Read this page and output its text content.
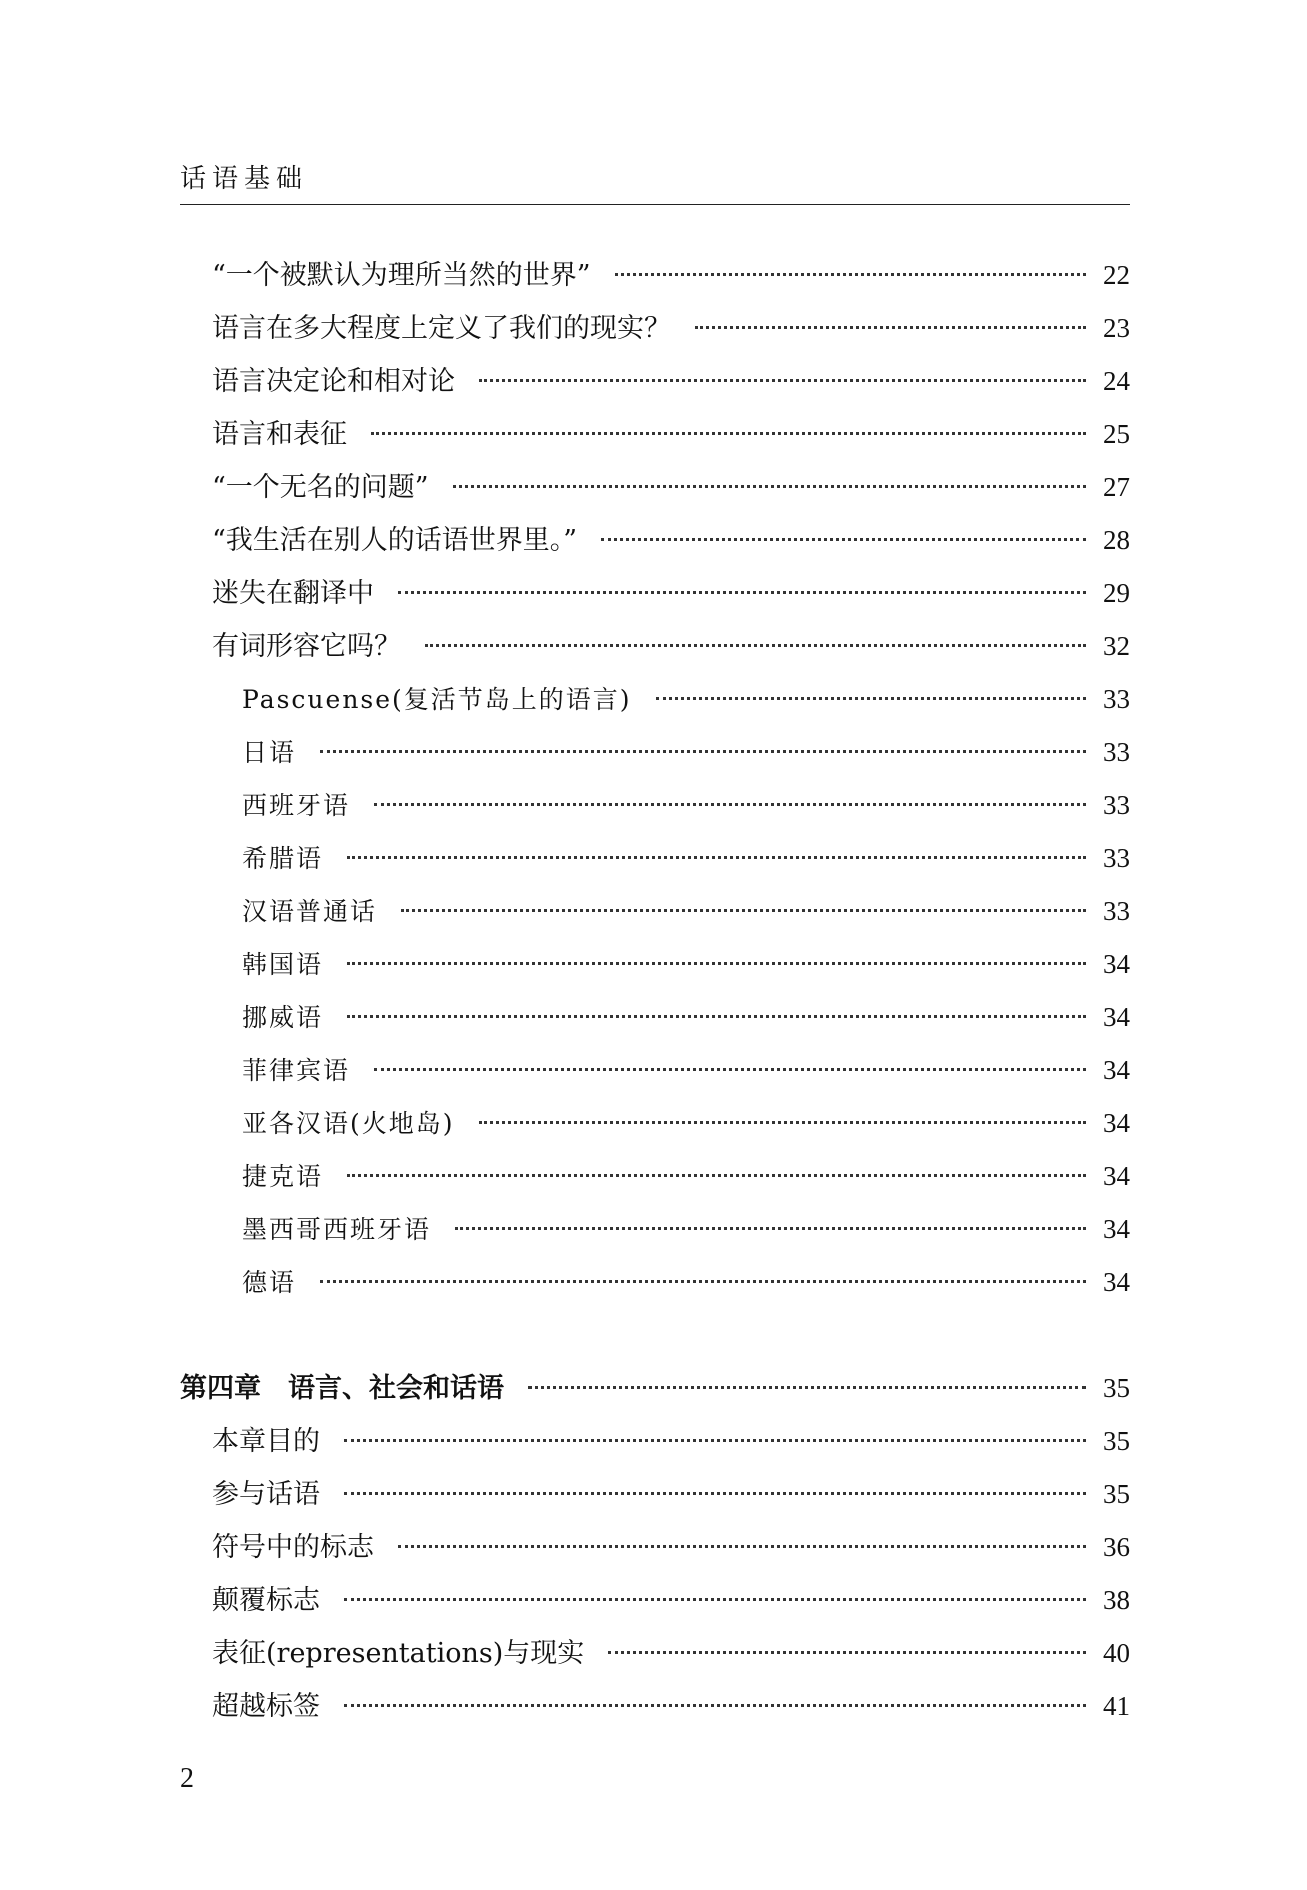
话语基础
“一个被默认为理所当然的世界”	22
语言在多大程度上定义了我们的现实？	23
语言决定论和相对论	24
语言和表征	25
“一个无名的问题”	27
“我生活在别人的话语世界里。”	28
迷失在翻译中	29
有词形容它吗？	32
Pascuense(复活节岛上的语言)	33
日语	33
西班牙语	33
希腊语	33
汉语普通话	33
韩国语	34
挪威语	34
菲律宾语	34
亚各汉语(火地岛)	34
捷克语	34
墨西哥西班牙语	34
德语	34
第四章　语言、社会和话语	35
本章目的	35
参与话语	35
符号中的标志	36
颠覆标志	38
表征(representations)与现实	40
超越标签	41
2
